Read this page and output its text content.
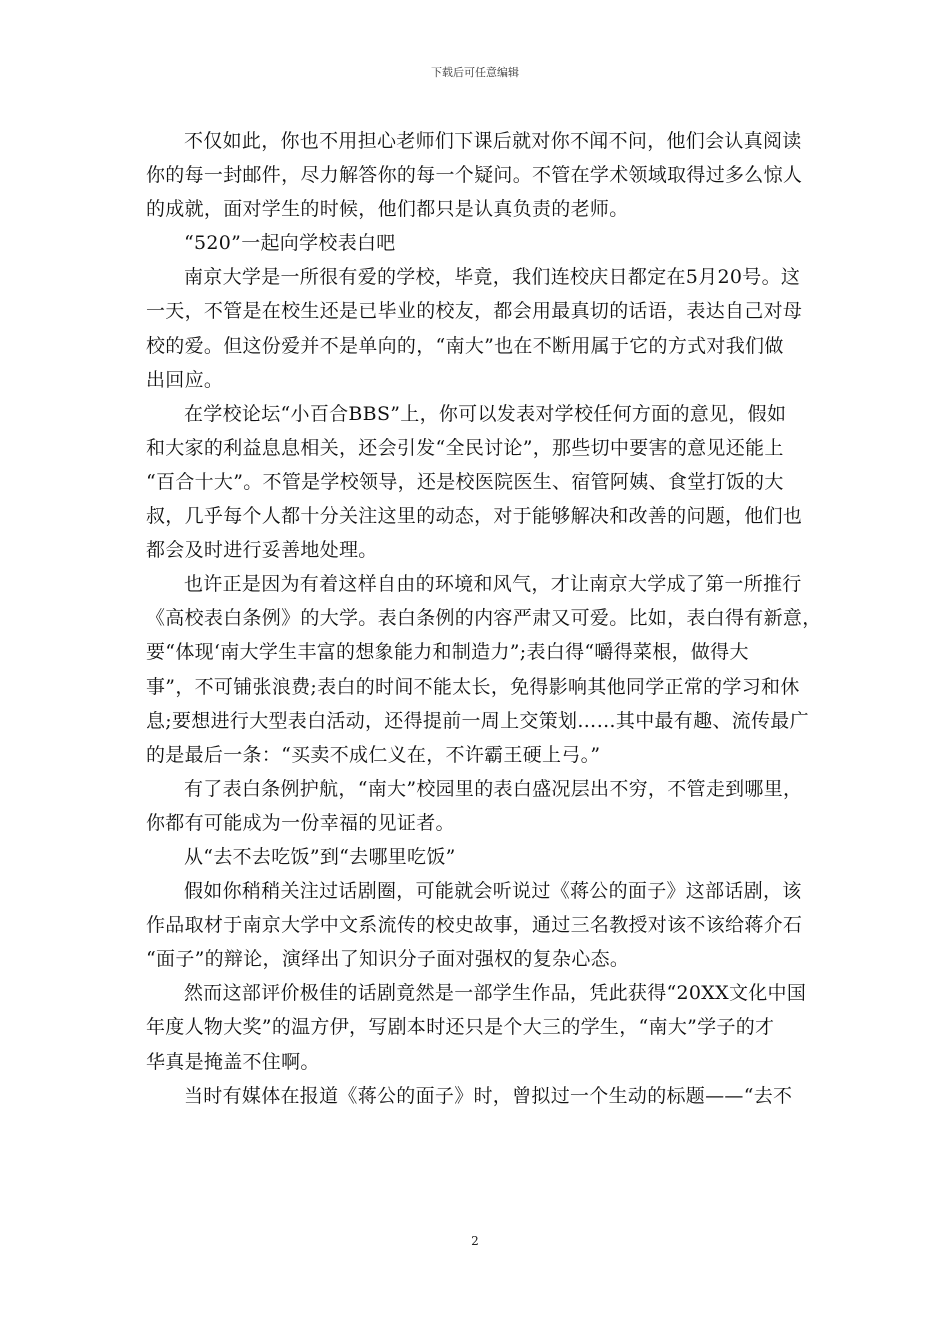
下载后可任意编辑

不仅如此，你也不用担心老师们下课后就对你不闻不问，他们会认真阅读
你的每一封邮件，尽力解答你的每一个疑问。不管在学术领域取得过多么惊人
的成就，面对学生的时候，他们都只是认真负责的老师。

“520”一起向学校表白吧

南京大学是一所很有爱的学校，毕竟，我们连校庆日都定在5月20号。这
一天，不管是在校生还是已毕业的校友，都会用最真切的话语，表达自己对母
校的爱。但这份爱并不是单向的，“南大”也在不断用属于它的方式对我们做
出回应。

在学校论坛“小百合BBS”上，你可以发表对学校任何方面的意见，假如
和大家的利益息息相关，还会引发“全民讨论”，那些切中要害的意见还能上
“百合十大”。不管是学校领导，还是校医院医生、宿管阿姨、食堂打饭的大
叔，几乎每个人都十分关注这里的动态，对于能够解决和改善的问题，他们也
都会及时进行妥善地处理。

也许正是因为有着这样自由的环境和风气，才让南京大学成了第一所推行
《高校表白条例》的大学。表白条例的内容严肃又可爱。比如，表白得有新意，
要“体现‘南大学生丰富的想象能力和制造力”;表白得“嚼得菜根，做得大
事”，不可铺张浪费;表白的时间不能太长，免得影响其他同学正常的学习和休
息;要想进行大型表白活动，还得提前一周上交策划……其中最有趣、流传最广
的是最后一条：“买卖不成仁义在，不许霸王硬上弓。”

有了表白条例护航，“南大”校园里的表白盛况层出不穷，不管走到哪里，
你都有可能成为一份幸福的见证者。

从“去不去吃饭”到“去哪里吃饭”

假如你稍稍关注过话剧圈，可能就会听说过《蒋公的面子》这部话剧，该
作品取材于南京大学中文系流传的校史故事，通过三名教授对该不该给蒋介石
“面子”的辩论，演绎出了知识分子面对强权的复杂心态。

然而这部评价极佳的话剧竟然是一部学生作品，凭此获得“20XX文化中国
年度人物大奖”的温方伊，写剧本时还只是个大三的学生，“南大”学子的才
华真是掩盖不住啊。

当时有媒体在报道《蒋公的面子》时，曾拟过一个生动的标题——“去不

2
